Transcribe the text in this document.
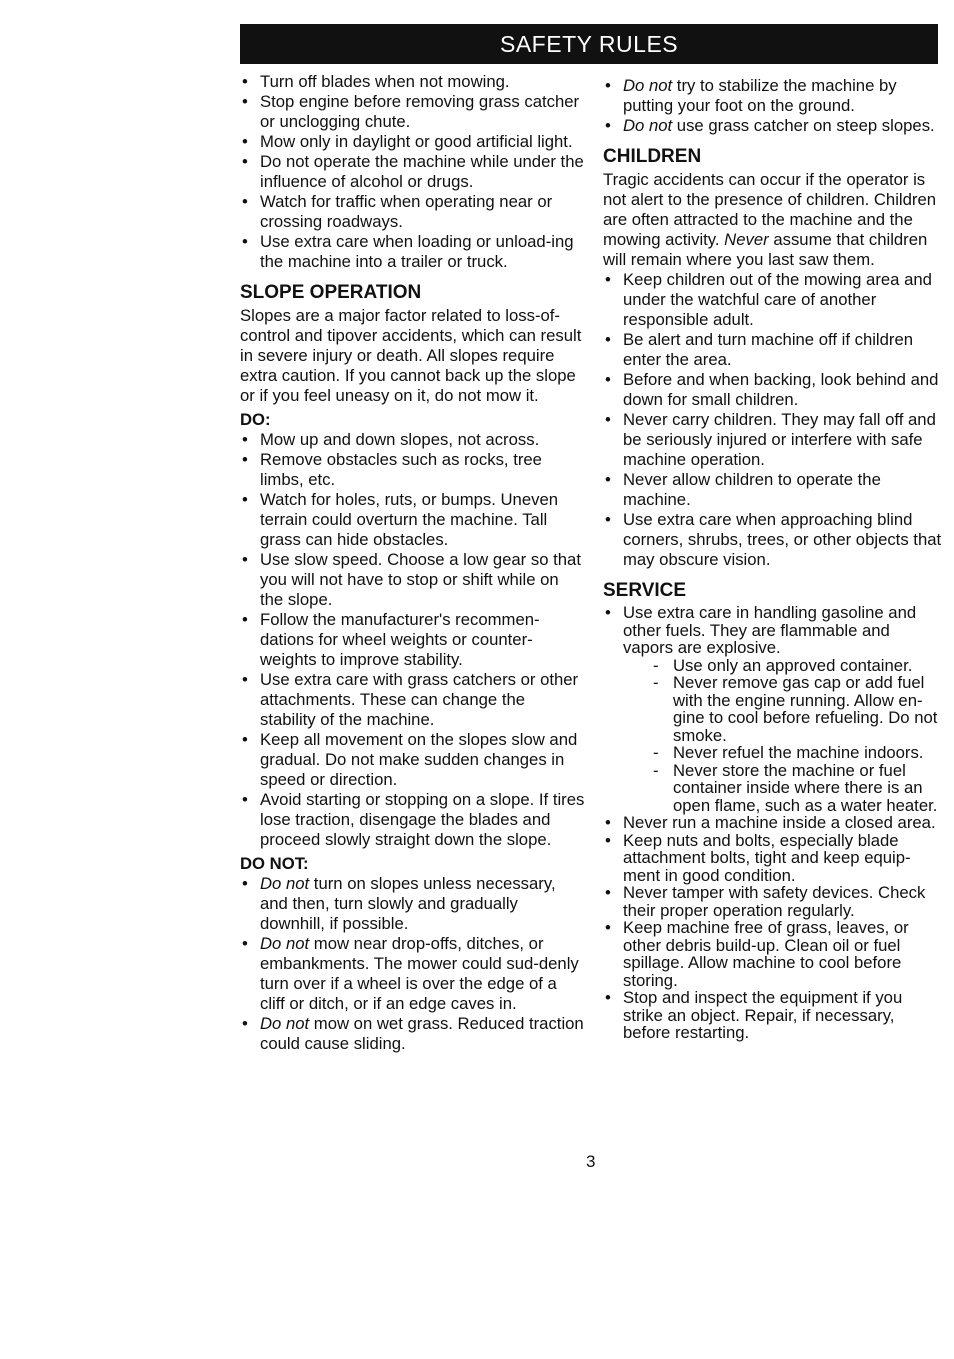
SAFETY RULES
• Turn off blades when not mowing.
• Stop engine before removing grass catcher or unclogging chute.
• Mow only in daylight or good artificial light.
• Do not operate the machine while under the influence of alcohol or drugs.
• Watch for traffic when operating near or crossing roadways.
• Use extra care when loading or unload-ing the machine into a trailer or truck.
SLOPE OPERATION

Slopes are a major factor related to loss-of-control and tipover accidents, which can result in severe injury or death. All slopes require extra caution. If you cannot back up the slope or if you feel uneasy on it, do not mow it.

DO:
• Mow up and down slopes, not across.
• Remove obstacles such as rocks, tree limbs, etc.
• Watch for holes, ruts, or bumps. Uneven terrain could overturn the machine. Tall grass can hide obstacles.
• Use slow speed. Choose a low gear so that you will not have to stop or shift while on the slope.
• Follow the manufacturer's recommen-dations for wheel weights or counter-weights to improve stability.
• Use extra care with grass catchers or other attachments. These can change the stability of the machine.
• Keep all movement on the slopes slow and gradual. Do not make sudden changes in speed or direction.
• Avoid starting or stopping on a slope. If tires lose traction, disengage the blades and proceed slowly straight down the slope.
DO NOT:
• Do not turn on slopes unless necessary, and then, turn slowly and gradually downhill, if possible.
• Do not mow near drop-offs, ditches, or embankments. The mower could sud-denly turn over if a wheel is over the edge of a cliff or ditch, or if an edge caves in.
• Do not mow on wet grass. Reduced traction could cause sliding.
• Do not try to stabilize the machine by putting your foot on the ground.
• Do not use grass catcher on steep slopes.
CHILDREN

Tragic accidents can occur if the operator is not alert to the presence of children. Children are often attracted to the machine and the mowing activity. Never assume that children will remain where you last saw them.

• Keep children out of the mowing area and under the watchful care of another responsible adult.
• Be alert and turn machine off if children enter the area.
• Before and when backing, look behind and down for small children.
• Never carry children. They may fall off and be seriously injured or interfere with safe machine operation.
• Never allow children to operate the machine.
• Use extra care when approaching blind corners, shrubs, trees, or other objects that may obscure vision.
SERVICE
• Use extra care in handling gasoline and other fuels. They are flammable and vapors are explosive.
- Use only an approved container.
- Never remove gas cap or add fuel with the engine running. Allow en-gine to cool before refueling. Do not smoke.
- Never refuel the machine indoors.
- Never store the machine or fuel container inside where there is an open flame, such as a water heater.
• Never run a machine inside a closed area.
• Keep nuts and bolts, especially blade attachment bolts, tight and keep equip-ment in good condition.
• Never tamper with safety devices. Check their proper operation regularly.
• Keep machine free of grass, leaves, or other debris build-up. Clean oil or fuel spillage. Allow machine to cool before storing.
• Stop and inspect the equipment if you strike an object. Repair, if necessary, before restarting.
3
